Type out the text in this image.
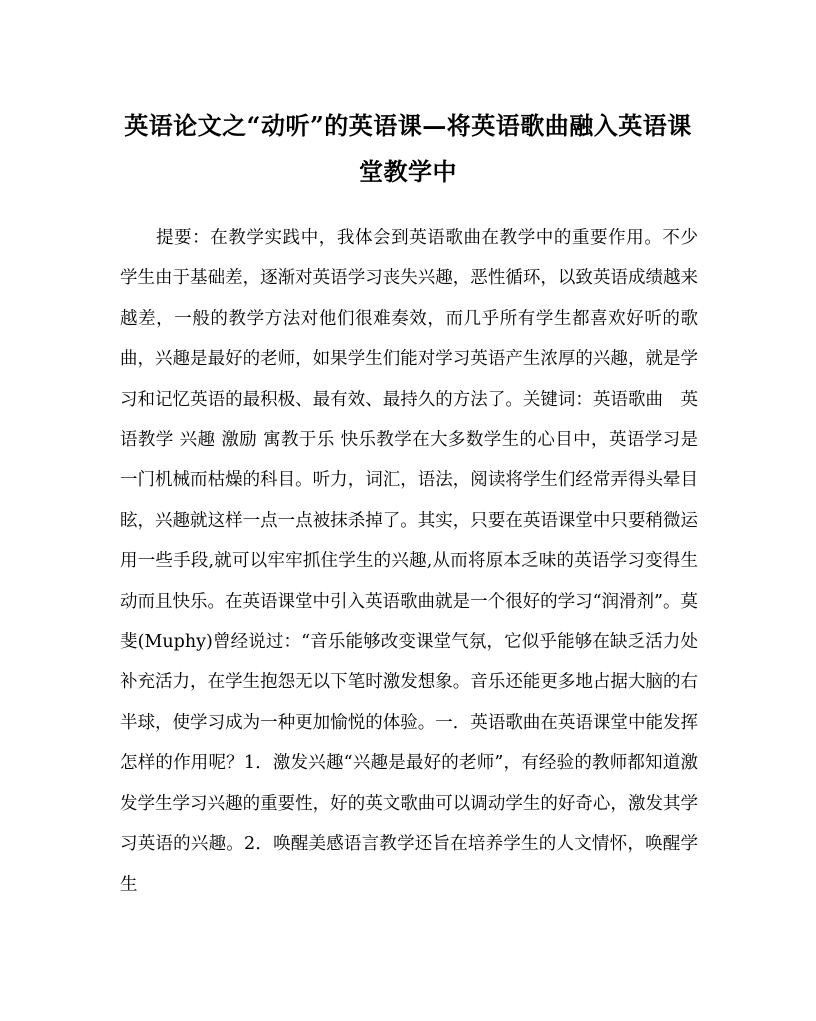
英语论文之“动听”的英语课—将英语歌曲融入英语课堂教学中

提要：在教学实践中，我体会到英语歌曲在教学中的重要作用。不少学生由于基础差，逐渐对英语学习丧失兴趣，恶性循环，以致英语成绩越来越差，一般的教学方法对他们很难奏效，而几乎所有学生都喜欢好听的歌曲，兴趣是最好的老师，如果学生们能对学习英语产生浓厚的兴趣，就是学习和记忆英语的最积极、最有效、最持久的方法了。关键词：英语歌曲　英语教学 兴趣 激励 寓教于乐 快乐教学在大多数学生的心目中，英语学习是一门机械而枯燥的科目。听力，词汇，语法，阅读将学生们经常弄得头晕目眩，兴趣就这样一点一点被抹杀掉了。其实，只要在英语课堂中只要稍微运用一些手段,就可以牢牢抓住学生的兴趣,从而将原本乏味的英语学习变得生动而且快乐。在英语课堂中引入英语歌曲就是一个很好的学习“润滑剂”。莫斐(Muphy)曾经说过：“音乐能够改变课堂气氛，它似乎能够在缺乏活力处补充活力，在学生抱怨无以下笔时激发想象。音乐还能更多地占据大脑的右半球，使学习成为一种更加愉悦的体验。一．英语歌曲在英语课堂中能发挥怎样的作用呢？1．激发兴趣“兴趣是最好的老师”，有经验的教师都知道激发学生学习兴趣的重要性，好的英文歌曲可以调动学生的好奇心，激发其学习英语的兴趣。2．唤醒美感语言教学还旨在培养学生的人文情怀，唤醒学生
